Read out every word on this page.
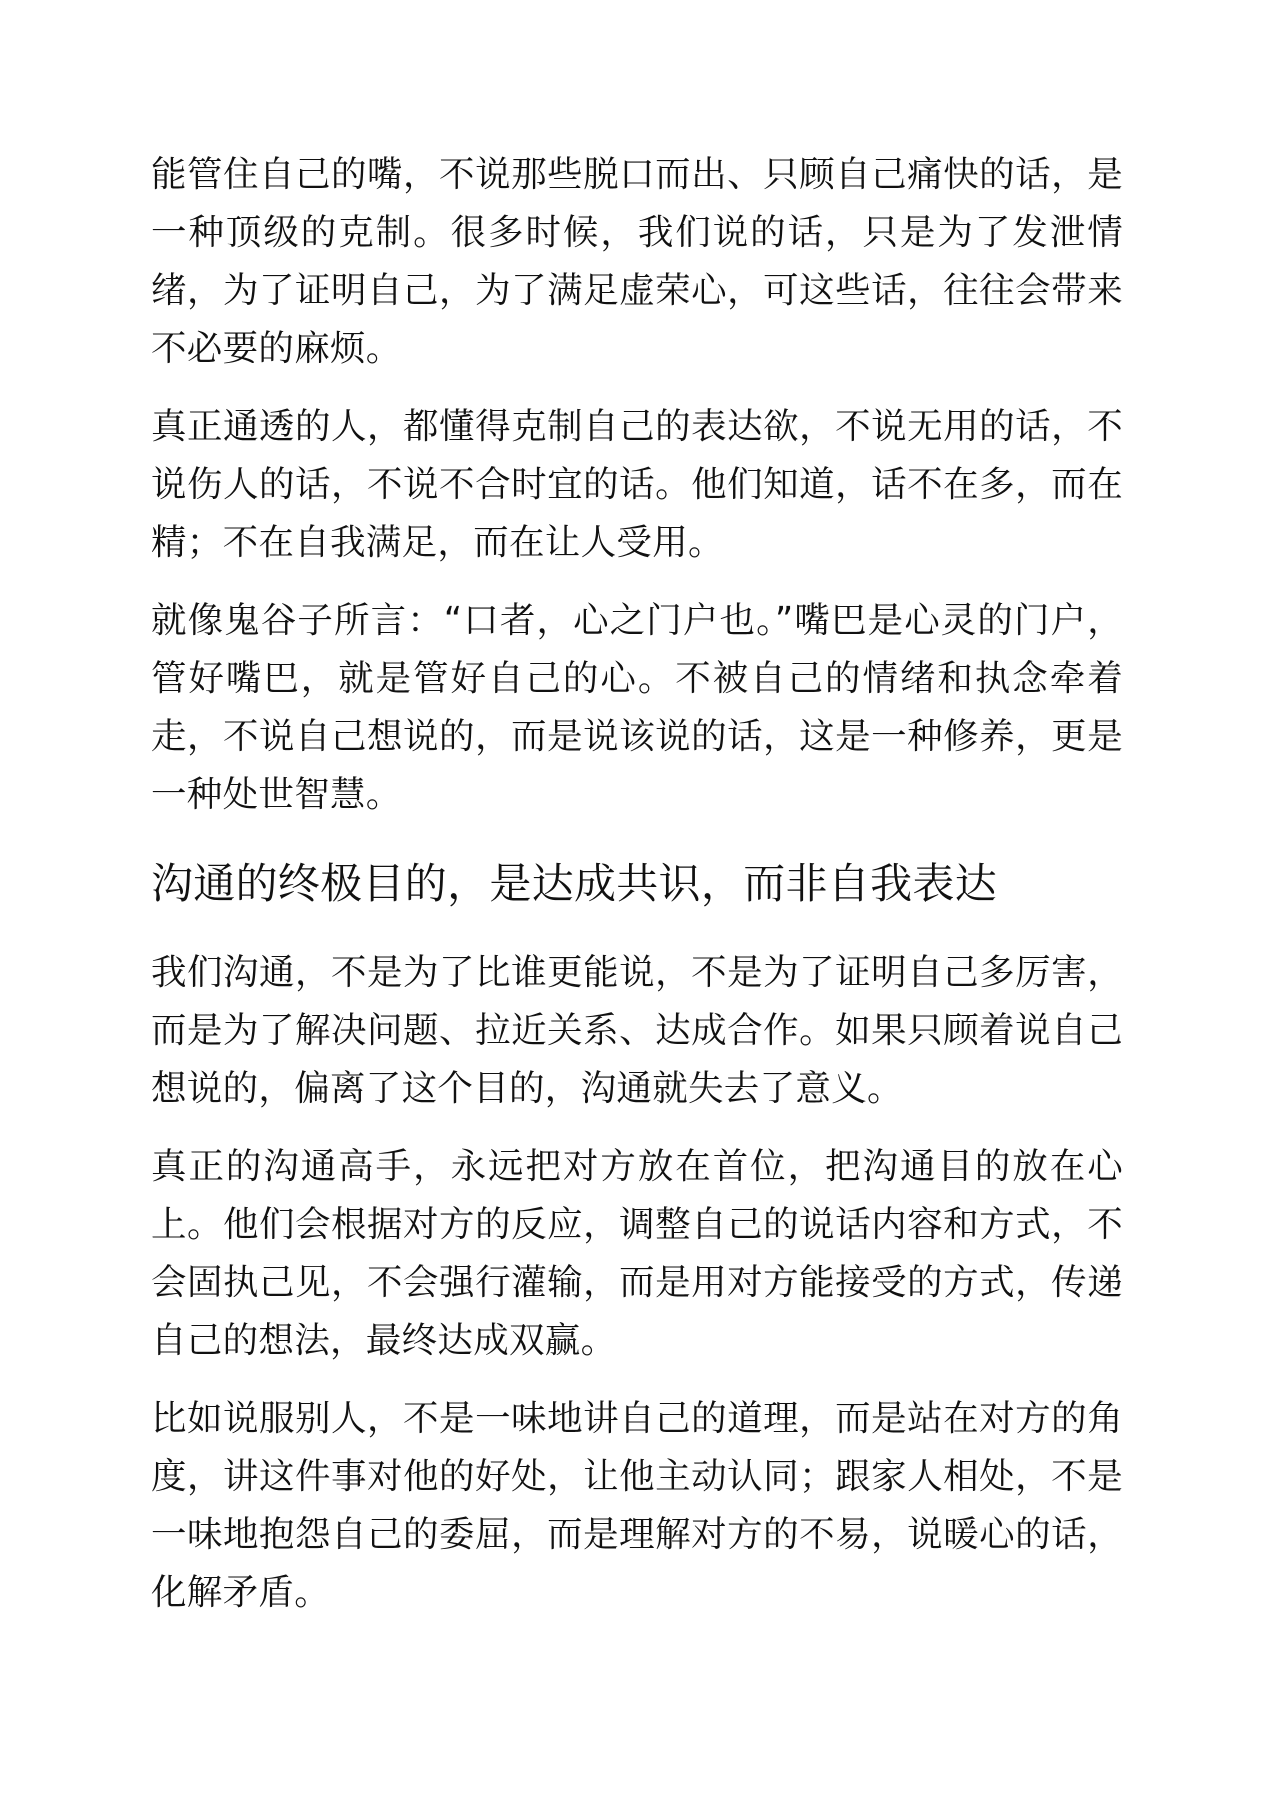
能管住自己的嘴，不说那些脱口而出、只顾自己痛快的话，是一种顶级的克制。很多时候，我们说的话，只是为了发泄情绪，为了证明自己，为了满足虚荣心，可这些话，往往会带来不必要的麻烦。

真正通透的人，都懂得克制自己的表达欲，不说无用的话，不说伤人的话，不说不合时宜的话。他们知道，话不在多，而在精；不在自我满足，而在让人受用。

就像鬼谷子所言：“口者，心之门户也。”嘴巴是心灵的门户，管好嘴巴，就是管好自己的心。不被自己的情绪和执念牵着走，不说自己想说的，而是说该说的话，这是一种修养，更是一种处世智慧。

沟通的终极目的，是达成共识，而非自我表达

我们沟通，不是为了比谁更能说，不是为了证明自己多厉害，而是为了解决问题、拉近关系、达成合作。如果只顾着说自己想说的，偏离了这个目的，沟通就失去了意义。

真正的沟通高手，永远把对方放在首位，把沟通目的放在心上。他们会根据对方的反应，调整自己的说话内容和方式，不会固执己见，不会强行灌输，而是用对方能接受的方式，传递自己的想法，最终达成双赢。

比如说服别人，不是一味地讲自己的道理，而是站在对方的角度，讲这件事对他的好处，让他主动认同；跟家人相处，不是一味地抱怨自己的委屈，而是理解对方的不易，说暖心的话，化解矛盾。
